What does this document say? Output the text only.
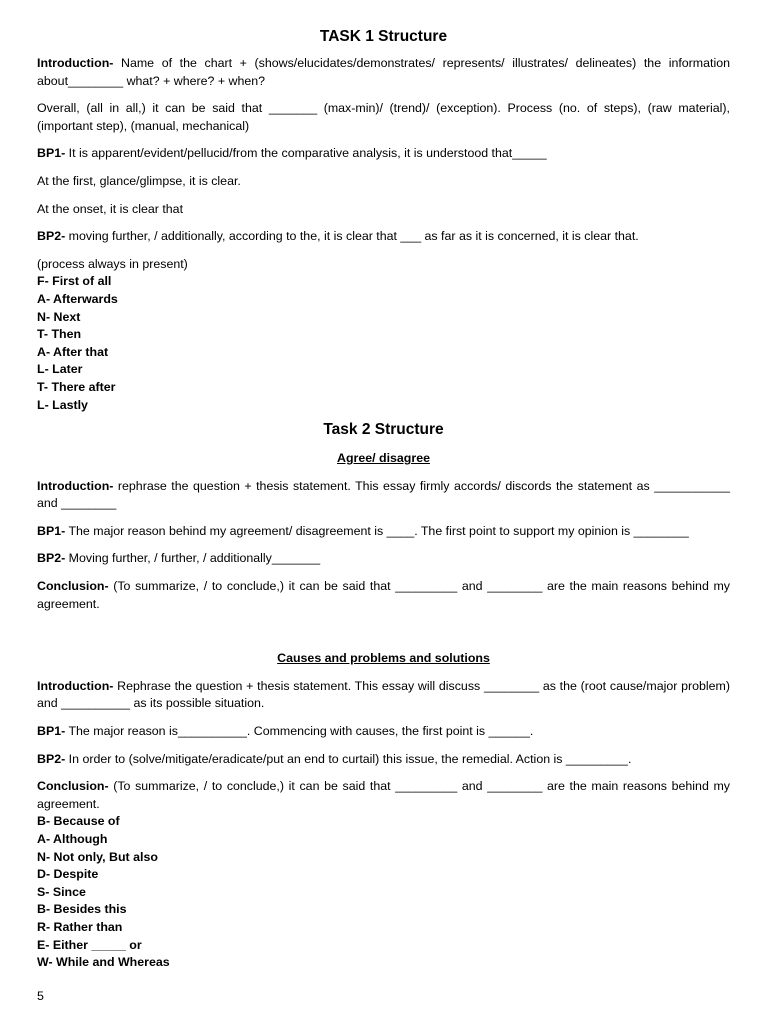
TASK 1 Structure

Introduction- Name of the chart + (shows/elucidates/demonstrates/ represents/ illustrates/ delineates) the information about________ what? + where? + when?

Overall, (all in all,) it can be said that _______ (max-min)/ (trend)/ (exception). Process (no. of steps), (raw material), (important step), (manual, mechanical)

BP1- It is apparent/evident/pellucid/from the comparative analysis, it is understood that_____

At the first, glance/glimpse, it is clear.

At the onset, it is clear that

BP2- moving further, / additionally, according to the, it is clear that ___ as far as it is concerned, it is clear that.

(process always in present)

F- First of all
A- Afterwards
N- Next
T- Then
A- After that
L- Later
T- There after
L- Lastly
Task 2 Structure

Agree/ disagree

Introduction- rephrase the question + thesis statement. This essay firmly accords/ discords the statement as ___________ and ________

BP1- The major reason behind my agreement/ disagreement is ____. The first point to support my opinion is ________

BP2- Moving further, / further, / additionally_______

Conclusion- (To summarize, / to conclude,) it can be said that _________ and ________ are the main reasons behind my agreement.

Causes and problems and solutions

Introduction- Rephrase the question + thesis statement. This essay will discuss ________ as the (root cause/major problem) and __________ as its possible situation.

BP1- The major reason is__________. Commencing with causes, the first point is ______.

BP2- In order to (solve/mitigate/eradicate/put an end to curtail) this issue, the remedial. Action is _________.

Conclusion- (To summarize, / to conclude,) it can be said that _________ and ________ are the main reasons behind my agreement.

B- Because of
A- Although
N- Not only, But also
D- Despite
S- Since
B- Besides this
R- Rather than
E- Either _____ or
W- While and Whereas
5
